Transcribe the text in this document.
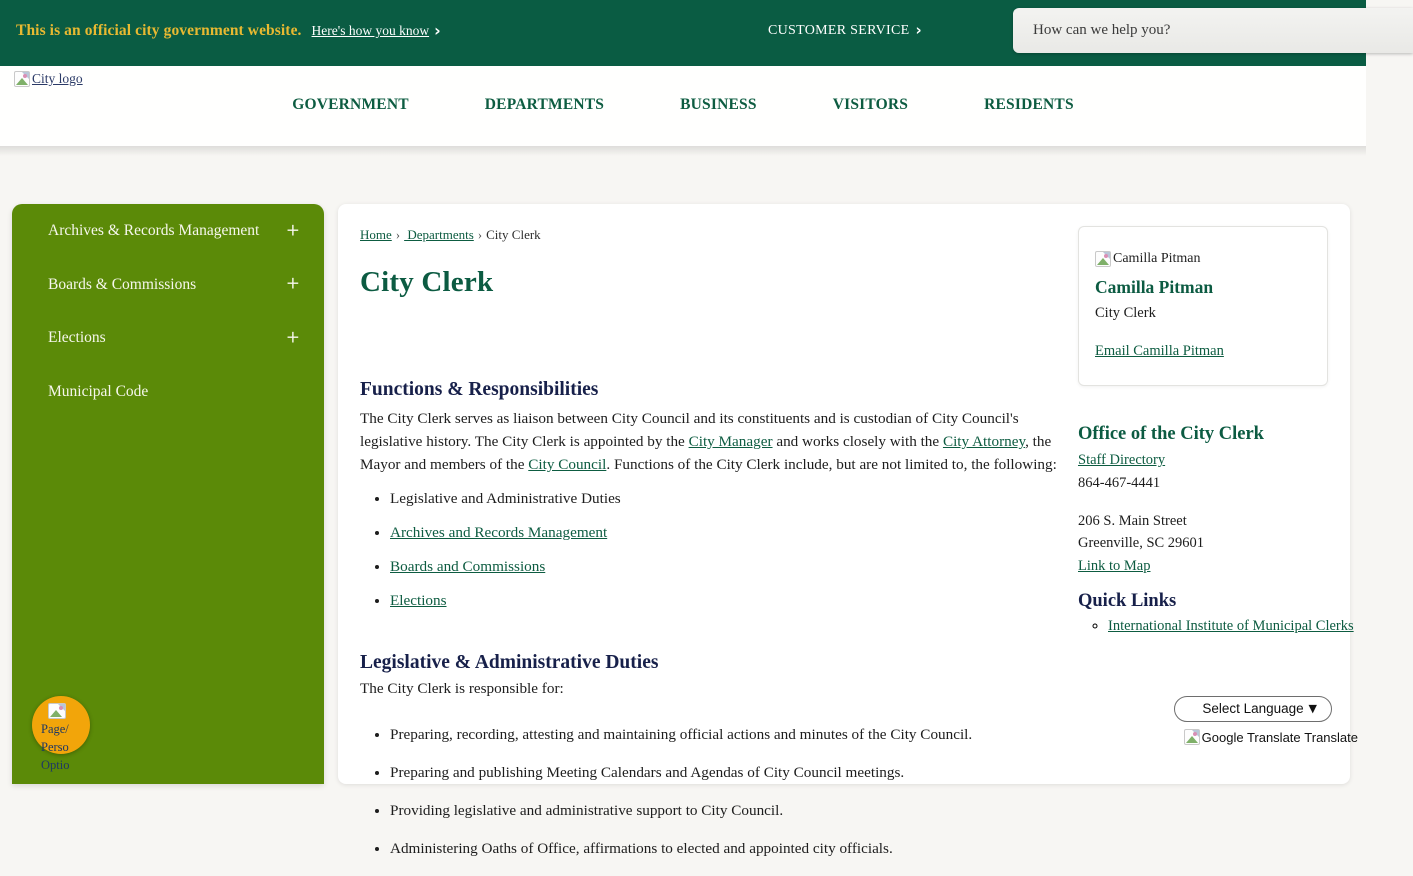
This is an official city government website. Here's how you know ›	CUSTOMER SERVICE ›
How can we help you?
City logo
GOVERNMENT	DEPARTMENTS	BUSINESS	VISITORS	RESIDENTS
Archives & Records Management +
Boards & Commissions	+
Elections	+
Municipal Code
Page/
Perso
Optio
Home › Departments › City Clerk
City Clerk
Functions & Responsibilities

The City Clerk serves as liaison between City Council and its constituents and is custodian of City Council's legislative history. The City Clerk is appointed by the City Manager and works closely with the City Attorney, the Mayor and members of the City Council. Functions of the City Clerk include, but are not limited to, the following:

• Legislative and Administrative Duties
• Archives and Records Management
• Boards and Commissions
• Elections
Legislative & Administrative Duties

The City Clerk is responsible for:

• Preparing, recording, attesting and maintaining official actions and minutes of the City Council.
• Preparing and publishing Meeting Calendars and Agendas of City Council meetings.
• Providing legislative and administrative support to City Council.
• Administering Oaths of Office, affirmations to elected and appointed city officials.
Camilla Pitman
Camilla Pitman
City Clerk
Email Camilla Pitman
Office of the City Clerk
Staff Directory
864-467-4441
206 S. Main Street
Greenville, SC 29601
Link to Map
Quick Links
◦ International Institute of Municipal Clerks
Select Language ▼
Google Translate
Translate
